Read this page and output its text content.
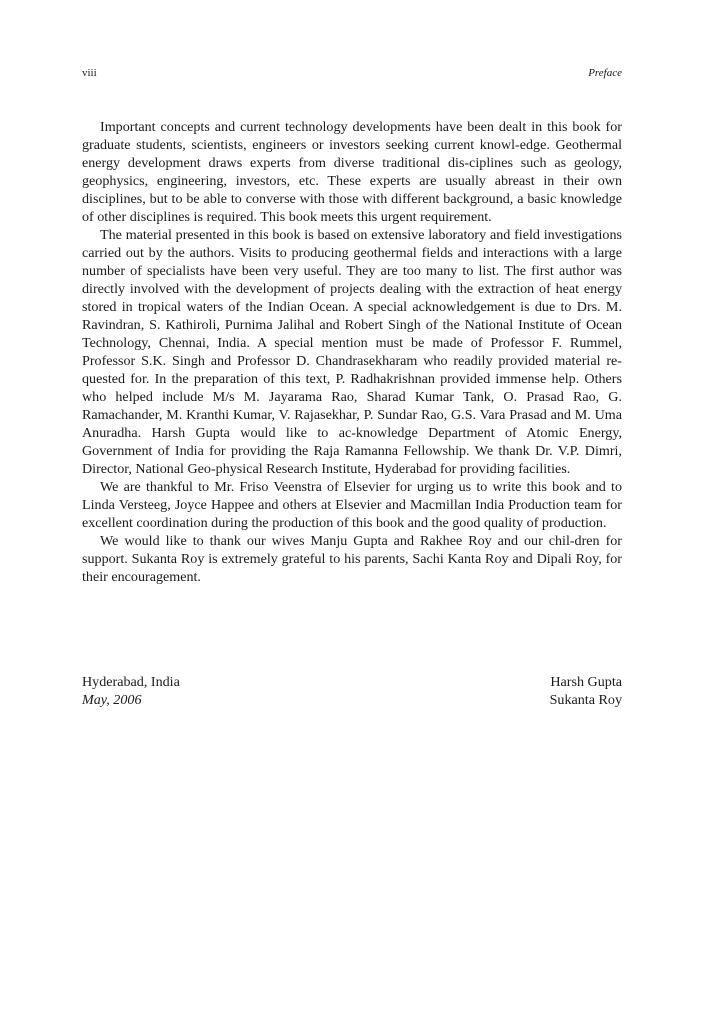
viii	Preface

Important concepts and current technology developments have been dealt in this book for graduate students, scientists, engineers or investors seeking current knowl-edge. Geothermal energy development draws experts from diverse traditional dis-ciplines such as geology, geophysics, engineering, investors, etc. These experts are usually abreast in their own disciplines, but to be able to converse with those with different background, a basic knowledge of other disciplines is required. This book meets this urgent requirement.

The material presented in this book is based on extensive laboratory and field investigations carried out by the authors. Visits to producing geothermal fields and interactions with a large number of specialists have been very useful. They are too many to list. The first author was directly involved with the development of projects dealing with the extraction of heat energy stored in tropical waters of the Indian Ocean. A special acknowledgement is due to Drs. M. Ravindran, S. Kathiroli, Purnima Jalihal and Robert Singh of the National Institute of Ocean Technology, Chennai, India. A special mention must be made of Professor F. Rummel, Professor S.K. Singh and Professor D. Chandrasekharam who readily provided material re-quested for. In the preparation of this text, P. Radhakrishnan provided immense help. Others who helped include M/s M. Jayarama Rao, Sharad Kumar Tank, O. Prasad Rao, G. Ramachander, M. Kranthi Kumar, V. Rajasekhar, P. Sundar Rao, G.S. Vara Prasad and M. Uma Anuradha. Harsh Gupta would like to ac-knowledge Department of Atomic Energy, Government of India for providing the Raja Ramanna Fellowship. We thank Dr. V.P. Dimri, Director, National Geo-physical Research Institute, Hyderabad for providing facilities.

We are thankful to Mr. Friso Veenstra of Elsevier for urging us to write this book and to Linda Versteeg, Joyce Happee and others at Elsevier and Macmillan India Production team for excellent coordination during the production of this book and the good quality of production.

We would like to thank our wives Manju Gupta and Rakhee Roy and our chil-dren for support. Sukanta Roy is extremely grateful to his parents, Sachi Kanta Roy and Dipali Roy, for their encouragement.

Hyderabad, India
May, 2006
Harsh Gupta
Sukanta Roy
